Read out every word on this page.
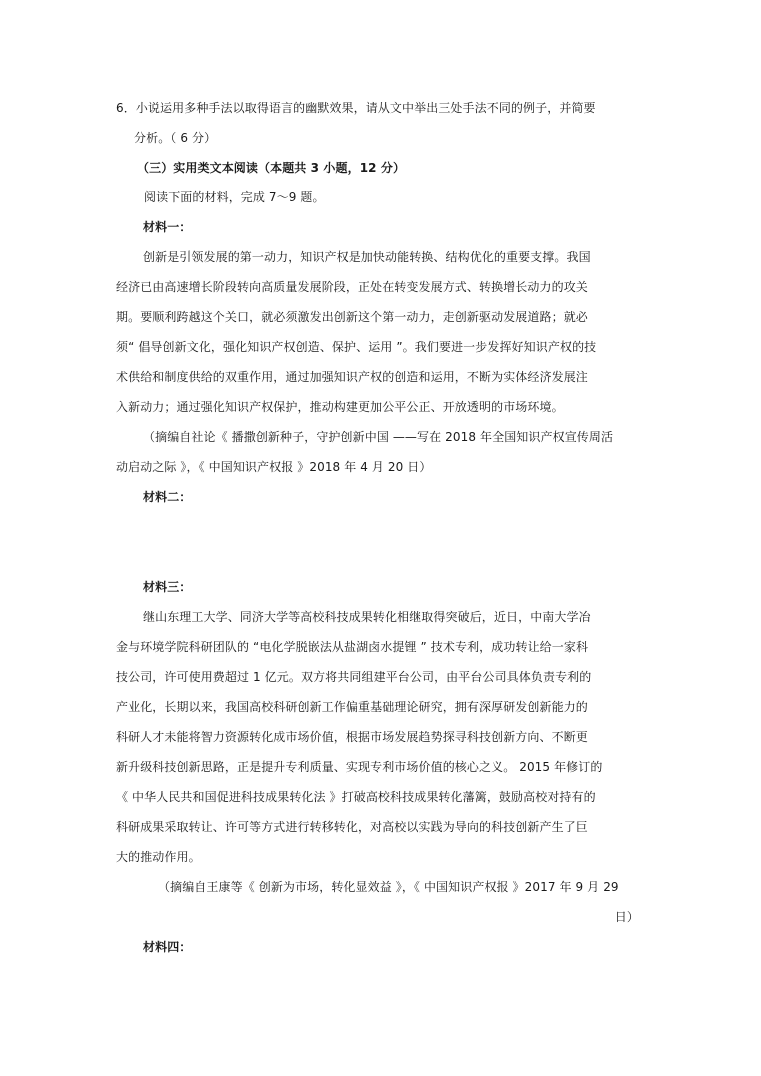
6．小说运用多种手法以取得语言的幽默效果，请从文中举出三处手法不同的例子，并简要
分析。（ 6 分）
（三）实用类文本阅读（本题共 3 小题，12 分）
阅读下面的材料，完成 7～9 题。
材料一：
创新是引领发展的第一动力，知识产权是加快动能转换、结构优化的重要支撑。我国
经济已由高速增长阶段转向高质量发展阶段，正处在转变发展方式、转换增长动力的攻关
期。要顺利跨越这个关口，就必须激发出创新这个第一动力，走创新驱动发展道路；就必
须“ 倡导创新文化，强化知识产权创造、保护、运用 ”。我们要进一步发挥好知识产权的技
术供给和制度供给的双重作用，通过加强知识产权的创造和运用，不断为实体经济发展注
入新动力；通过强化知识产权保护，推动构建更加公平公正、开放透明的市场环境。
（摘编自社论《 播撒创新种子，守护创新中国 ——写在 2018 年全国知识产权宣传周活
动启动之际 》，《 中国知识产权报 》2018 年 4 月 20 日）
材料二：
材料三：
继山东理工大学、同济大学等高校科技成果转化相继取得突破后，近日，中南大学冶
金与环境学院科研团队的 “电化学脱嵌法从盐湖卤水提锂 ” 技术专利，成功转让给一家科
技公司，许可使用费超过 1 亿元。双方将共同组建平台公司，由平台公司具体负责专利的
产业化，长期以来，我国高校科研创新工作偏重基础理论研究，拥有深厚研发创新能力的
科研人才未能将智力资源转化成市场价值，根据市场发展趋势探寻科技创新方向、不断更
新升级科技创新思路，正是提升专利质量、实现专利市场价值的核心之义。 2015 年修订的
《 中华人民共和国促进科技成果转化法 》打破高校科技成果转化藩篱，鼓励高校对持有的
科研成果采取转让、许可等方式进行转移转化，对高校以实践为导向的科技创新产生了巨
大的推动作用。
（摘编自王康等《 创新为市场，转化显效益 》，《 中国知识产权报 》2017 年 9 月 29
日）
材料四：
